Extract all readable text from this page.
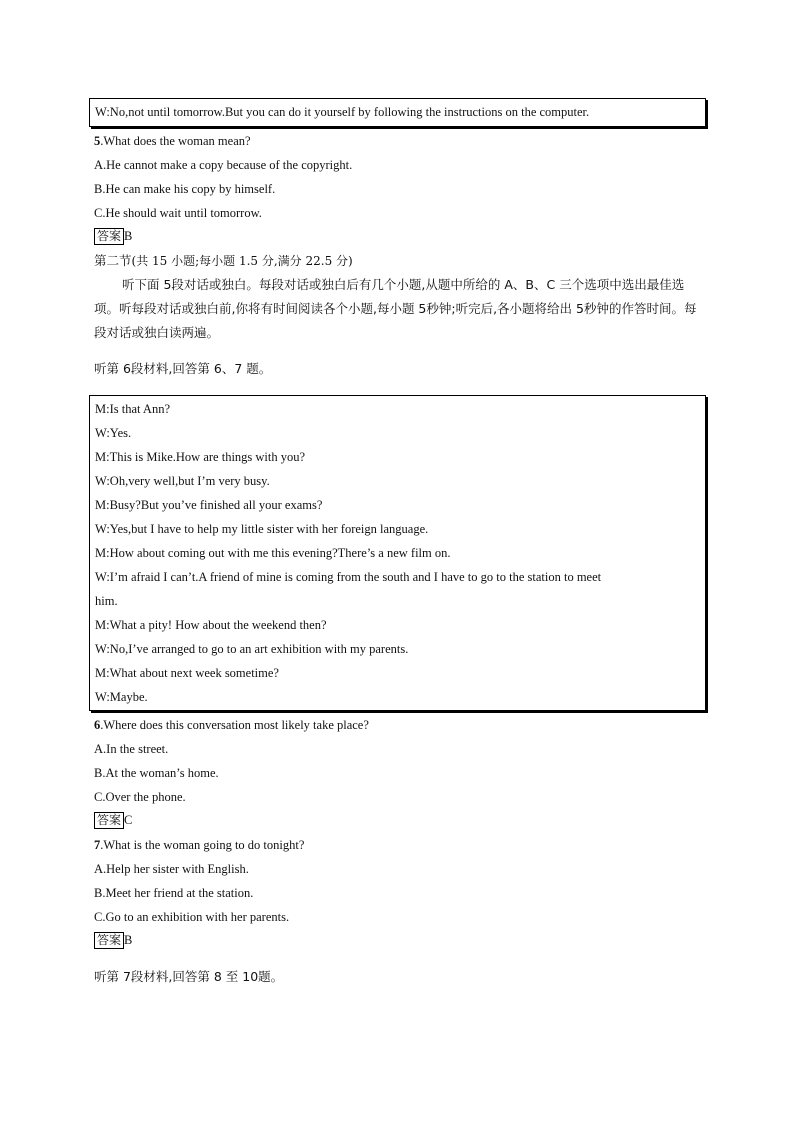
W:No,not until tomorrow.But you can do it yourself by following the instructions on the computer.
5.What does the woman mean?
A.He cannot make a copy because of the copyright.
B.He can make his copy by himself.
C.He should wait until tomorrow.
答案 B
第二节(共 15 小题;每小题 1.5 分,满分 22.5 分)
听下面 5段对话或独白。每段对话或独白后有几个小题,从题中所给的 A、B、C 三个选项中选出最佳选项。听每段对话或独白前,你将有时间阅读各个小题,每小题 5秒钟;听完后,各小题将给出 5秒钟的作答时间。每段对话或独白读两遍。
听第 6段材料,回答第 6、7 题。
M:Is that Ann?
W:Yes.
M:This is Mike.How are things with you?
W:Oh,very well,but I’m very busy.
M:Busy?But you’ve finished all your exams?
W:Yes,but I have to help my little sister with her foreign language.
M:How about coming out with me this evening?There’s a new film on.
W:I’m afraid I can’t.A friend of mine is coming from the south and I have to go to the station to meet
him.
M:What a pity! How about the weekend then?
W:No,I’ve arranged to go to an art exhibition with my parents.
M:What about next week sometime?
W:Maybe.
6.Where does this conversation most likely take place?
A.In the street.
B.At the woman’s home.
C.Over the phone.
答案 C
7.What is the woman going to do tonight?
A.Help her sister with English.
B.Meet her friend at the station.
C.Go to an exhibition with her parents.
答案 B
听第 7段材料,回答第 8 至 10题。
